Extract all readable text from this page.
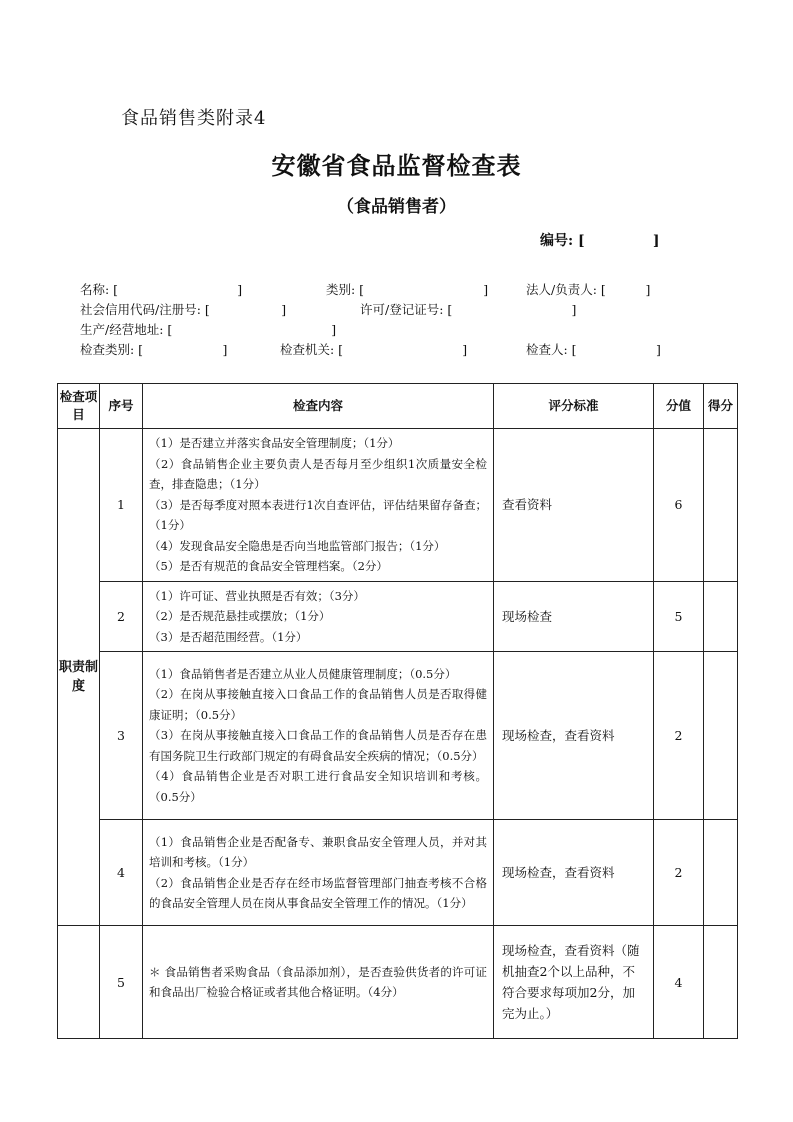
食品销售类附录4
安徽省食品监督检查表
（食品销售者）
编号: [              ]

名称: [                              ]

	类别: [                              ]

	法人/负责人: [          ]

社会信用代码/注册号: [                  ]

	许可/登记证号: [                              ]

生产/经营地址: [                                        ]

检查类别: [                    ]

	检查机关: [                              ]

	检查人: [                    ]

检查项目	序号	检查内容	评分标准	分值	得分
职责制度	1	（1）是否建立并落实食品安全管理制度；（1分）
（2）食品销售企业主要负责人是否每月至少组织1次质量安全检查，排查隐患；（1分）
（3）是否每季度对照本表进行1次自查评估，评估结果留存备查；（1分）
（4）发现食品安全隐患是否向当地监管部门报告；（1分）
（5）是否有规范的食品安全管理档案。（2分）	查看资料	6	
	2	（1）许可证、营业执照是否有效；（3分）
（2）是否规范悬挂或摆放；（1分）
（3）是否超范围经营。（1分）	现场检查	5	
	3	（1）食品销售者是否建立从业人员健康管理制度；（0.5分）
（2）在岗从事接触直接入口食品工作的食品销售人员是否取得健康证明；（0.5分）
（3）在岗从事接触直接入口食品工作的食品销售人员是否存在患有国务院卫生行政部门规定的有碍食品安全疾病的情况；（0.5分）
（4）食品销售企业是否对职工进行食品安全知识培训和考核。（0.5分）	现场检查，查看资料	2	
	4	（1）食品销售企业是否配备专、兼职食品安全管理人员，并对其培训和考核。（1分）
（2）食品销售企业是否存在经市场监督管理部门抽查考核不合格的食品安全管理人员在岗从事食品安全管理工作的情况。（1分）	现场检查，查看资料	2	
	5	＊ 食品销售者采购食品（食品添加剂），是否查验供货者的许可证和食品出厂检验合格证或者其他合格证明。（4分）	现场检查，查看资料（随机抽查2个以上品种，不符合要求每项加2分，加完为止。）	4	
